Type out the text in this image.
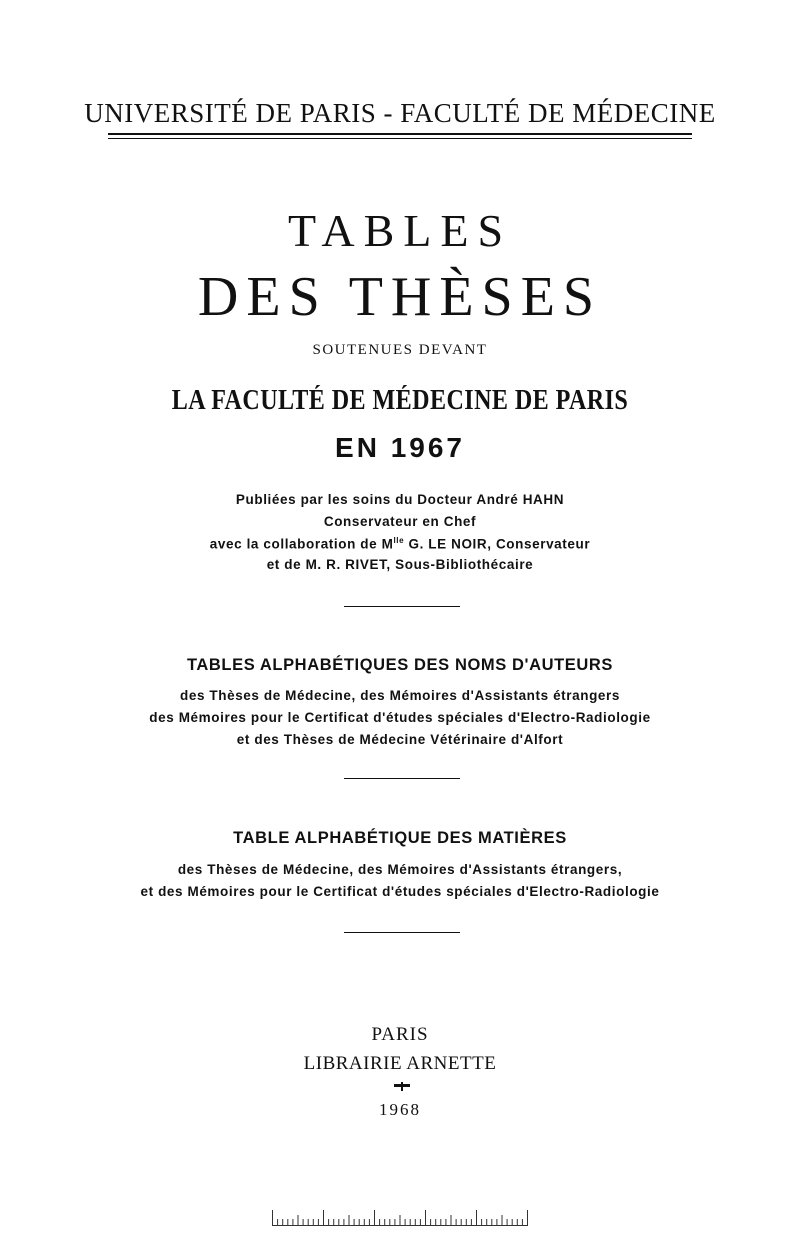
UNIVERSITÉ DE PARIS - FACULTÉ DE MÉDECINE
TABLES
DES THÈSES
SOUTENUES DEVANT
LA FACULTÉ DE MÉDECINE DE PARIS
EN 1967
Publiées par les soins du Docteur André HAHN
Conservateur en Chef
avec la collaboration de $M^{lle}$ G. LE NOIR, Conservateur
et de M. R. RIVET, Sous-Bibliothécaire
TABLES ALPHABÉTIQUES DES NOMS D'AUTEURS
des Thèses de Médecine, des Mémoires d'Assistants étrangers
des Mémoires pour le Certificat d'études spéciales d'Electro-Radiologie
et des Thèses de Médecine Vétérinaire d'Alfort
TABLE ALPHABÉTIQUE DES MATIÈRES
des Thèses de Médecine, des Mémoires d'Assistants étrangers,
et des Mémoires pour le Certificat d'études spéciales d'Electro-Radiologie
PARIS
LIBRAIRIE ARNETTE
1968
